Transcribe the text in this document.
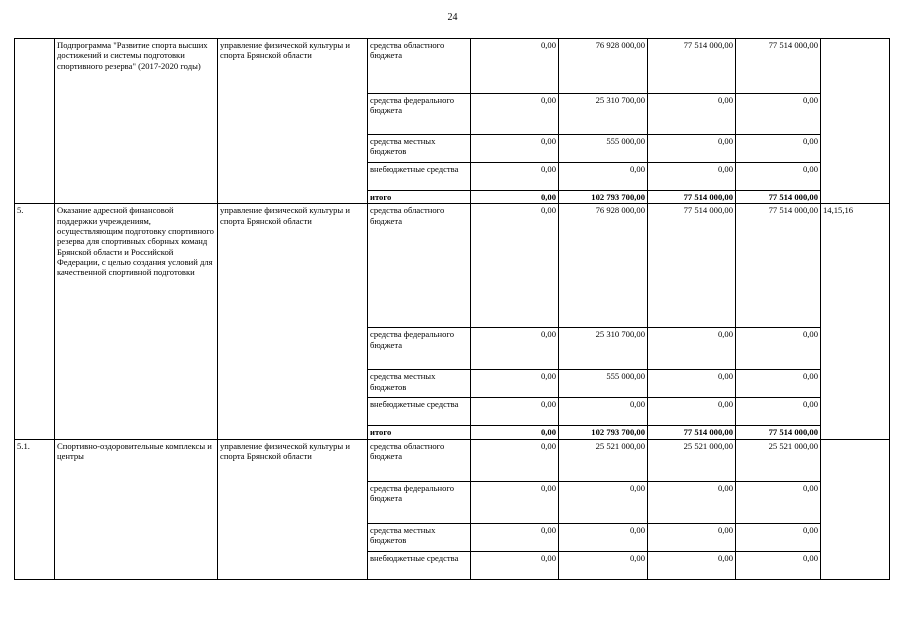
24
	Подпрограмма "Развитие спорта высших достижений и системы подготовки спортивного резерва" (2017-2020 годы)	управление физической культуры и спорта Брянской области	средства областного бюджета	0,00	76 928 000,00	77 514 000,00	77 514 000,00	
			средства федерального бюджета	0,00	25 310 700,00	0,00	0,00	
			средства местных бюджетов	0,00	555 000,00	0,00	0,00	
			внебюджетные средства	0,00	0,00	0,00	0,00	
			итого	0,00	102 793 700,00	77 514 000,00	77 514 000,00	
5.	Оказание адресной финансовой поддержки учреждениям, осуществляющим подготовку спортивного резерва для спортивных сборных команд Брянской области и Российской Федерации, с целью создания условий для качественной спортивной подготовки	управление физической культуры и спорта Брянской области	средства областного бюджета	0,00	76 928 000,00	77 514 000,00	77 514 000,00	14,15,16
			средства федерального бюджета	0,00	25 310 700,00	0,00	0,00	
			средства местных бюджетов	0,00	555 000,00	0,00	0,00	
			внебюджетные средства	0,00	0,00	0,00	0,00	
			итого	0,00	102 793 700,00	77 514 000,00	77 514 000,00	
5.1.	Спортивно-оздоровительные комплексы и центры	управление физической культуры и спорта Брянской области	средства областного бюджета	0,00	25 521 000,00	25 521 000,00	25 521 000,00	
			средства федерального бюджета	0,00	0,00	0,00	0,00	
			средства местных бюджетов	0,00	0,00	0,00	0,00	
			внебюджетные средства	0,00	0,00	0,00	0,00	
